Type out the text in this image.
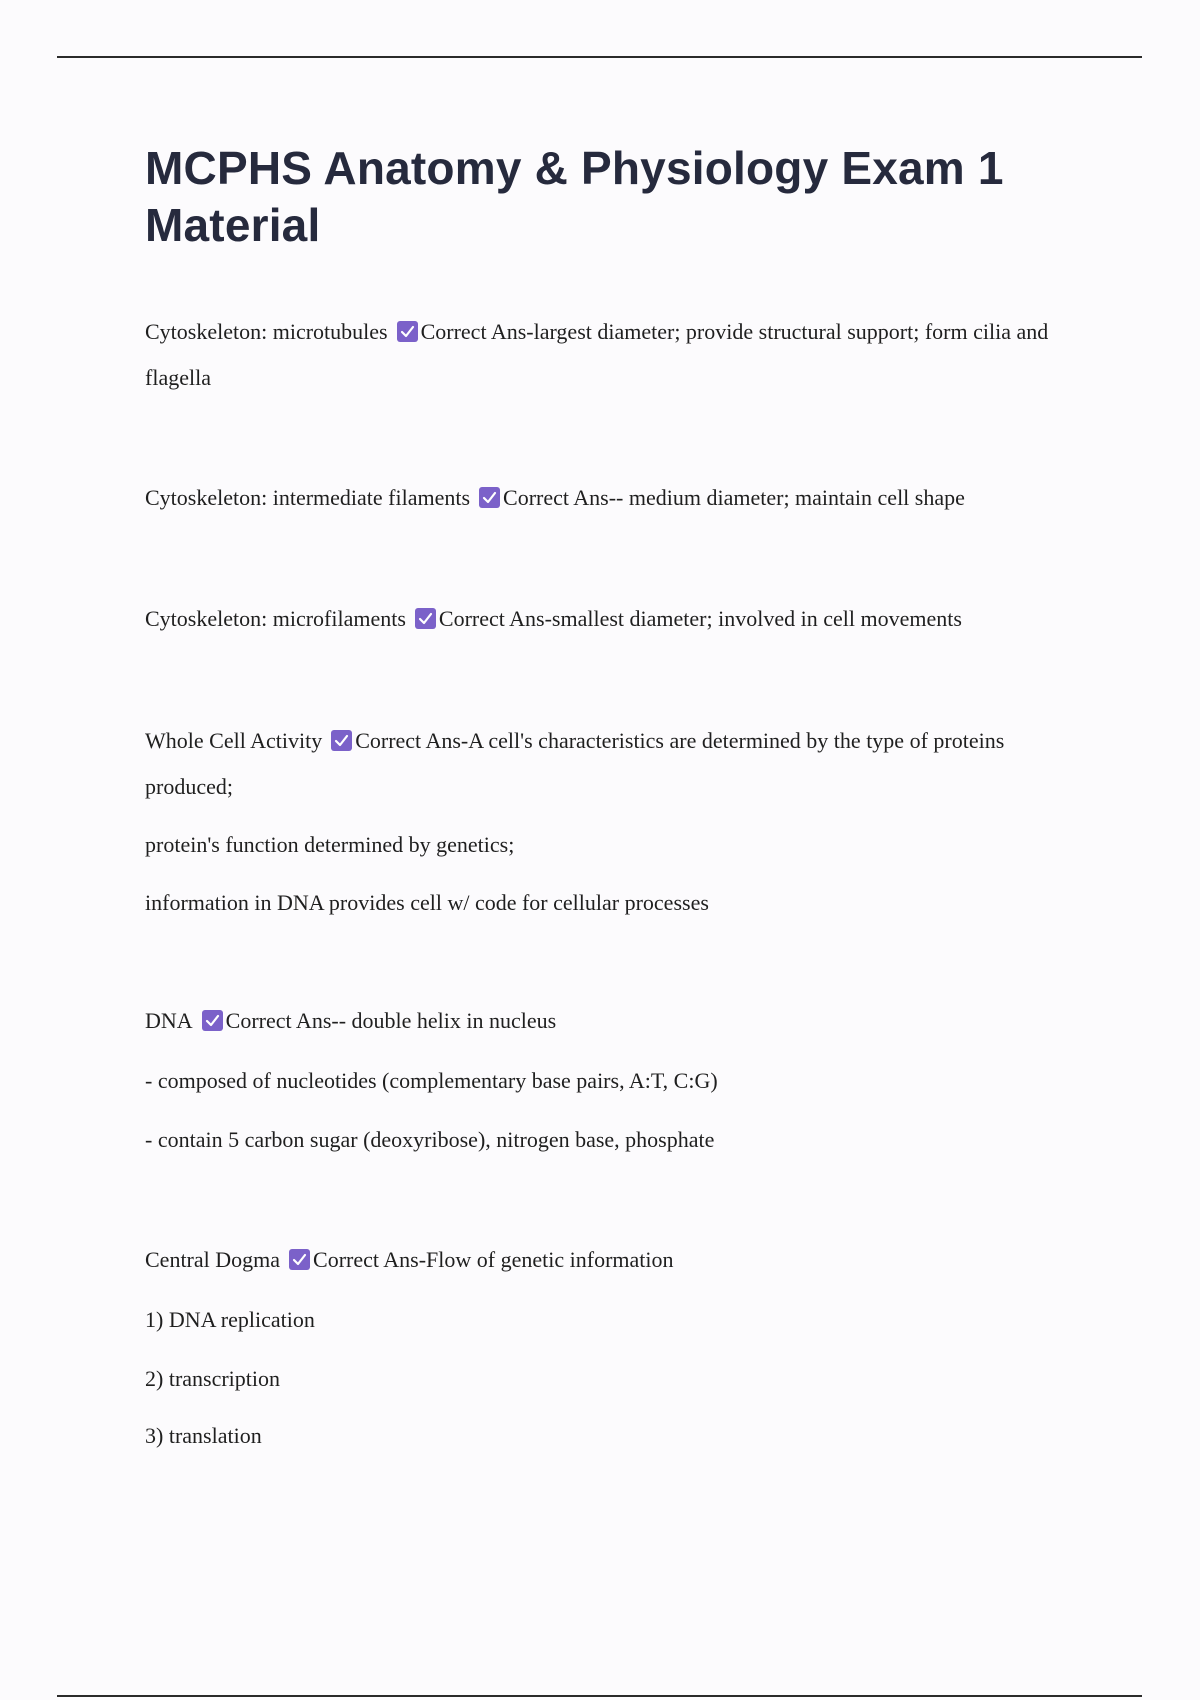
MCPHS Anatomy & Physiology Exam 1 Material

Cytoskeleton: microtubules Correct Ans-largest diameter; provide structural support; form cilia and flagella

Cytoskeleton: intermediate filaments Correct Ans-- medium diameter; maintain cell shape

Cytoskeleton: microfilaments Correct Ans-smallest diameter; involved in cell movements

Whole Cell Activity Correct Ans-A cell's characteristics are determined by the type of proteins produced;

protein's function determined by genetics;

information in DNA provides cell w/ code for cellular processes

DNA Correct Ans-- double helix in nucleus

- composed of nucleotides (complementary base pairs, A:T, C:G)

- contain 5 carbon sugar (deoxyribose), nitrogen base, phosphate

Central Dogma Correct Ans-Flow of genetic information

1) DNA replication

2) transcription

3) translation
